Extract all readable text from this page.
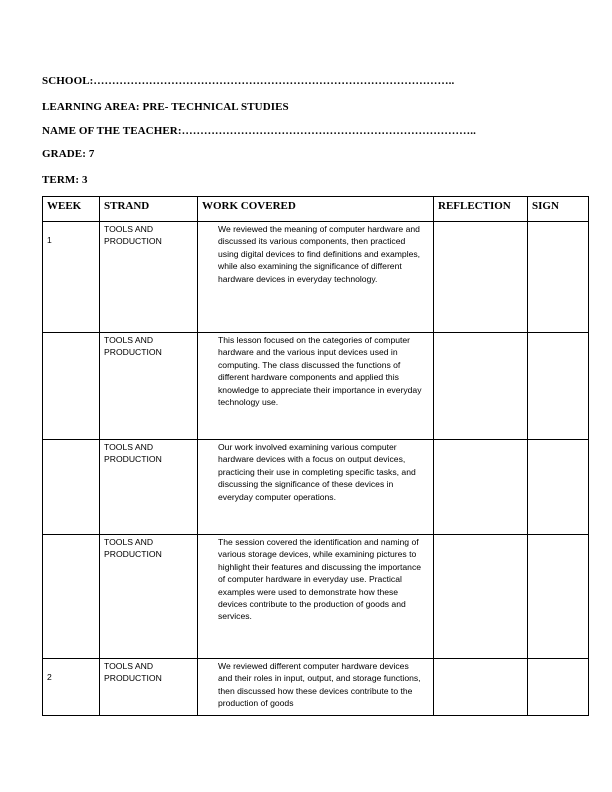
SCHOOL:……………………………………………………………………………………..
LEARNING AREA: PRE- TECHNICAL STUDIES
NAME OF THE TEACHER:……………………………………………………………………..
GRADE: 7
TERM: 3
WEEK	STRAND	WORK COVERED	REFLECTION	SIGN

1	TOOLS AND PRODUCTION	We reviewed the meaning of computer hardware and discussed its various components, then practiced using digital devices to find definitions and examples, while also examining the significance of different hardware devices in everyday technology.		

	TOOLS AND PRODUCTION	This lesson focused on the categories of computer hardware and the various input devices used in computing. The class discussed the functions of different hardware components and applied this knowledge to appreciate their importance in everyday technology use.		

	TOOLS AND PRODUCTION	Our work involved examining various computer hardware devices with a focus on output devices, practicing their use in completing specific tasks, and discussing the significance of these devices in everyday computer operations.		

	TOOLS AND PRODUCTION	The session covered the identification and naming of various storage devices, while examining pictures to highlight their features and discussing the importance of computer hardware in everyday use. Practical examples were used to demonstrate how these devices contribute to the production of goods and services.		

2	TOOLS AND PRODUCTION	We reviewed different computer hardware devices and their roles in input, output, and storage functions, then discussed how these devices contribute to the production of goods		
